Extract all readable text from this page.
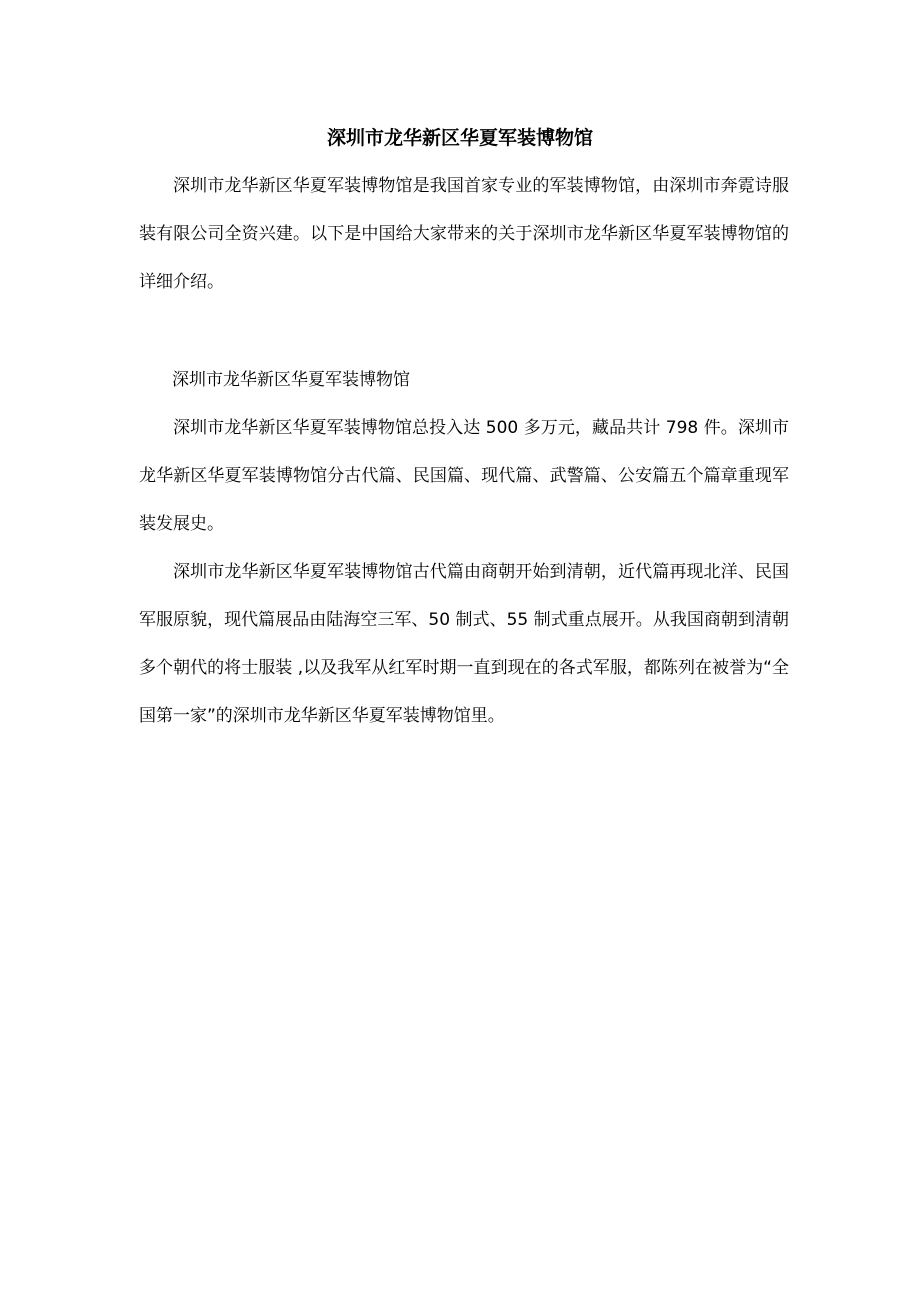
深圳市龙华新区华夏军装博物馆

深圳市龙华新区华夏军装博物馆是我国首家专业的军装博物馆，由深圳市奔霓诗服装有限公司全资兴建。以下是中国给大家带来的关于深圳市龙华新区华夏军装博物馆的详细介绍。

深圳市龙华新区华夏军装博物馆

深圳市龙华新区华夏军装博物馆总投入达 500 多万元，藏品共计 798 件。深圳市龙华新区华夏军装博物馆分古代篇、民国篇、现代篇、武警篇、公安篇五个篇章重现军装发展史。

深圳市龙华新区华夏军装博物馆古代篇由商朝开始到清朝，近代篇再现北洋、民国军服原貌，现代篇展品由陆海空三军、50 制式、55 制式重点展开。从我国商朝到清朝多个朝代的将士服装 ,以及我军从红军时期一直到现在的各式军服，都陈列在被誉为“全国第一家”的深圳市龙华新区华夏军装博物馆里。
